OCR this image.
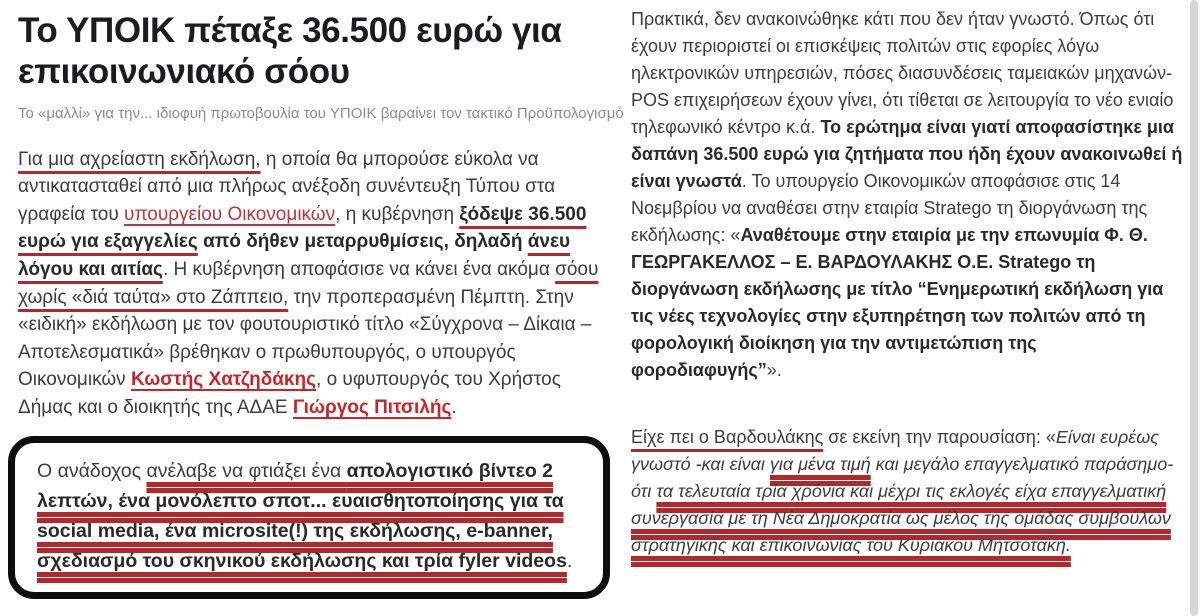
Το ΥΠΟΙΚ πέταξε 36.500 ευρώ για επικοινωνιακό σόου
Το «μαλλί» για την... ιδιοφυή πρωτοβουλία του ΥΠΟΙΚ βαραίνει τον τακτικό Προϋπολογισμό

Για μια αχρείαστη εκδήλωση, η οποία θα μπορούσε εύκολα να αντικατασταθεί από μια πλήρως ανέξοδη συνέντευξη Τύπου στα γραφεία του υπουργείου Οικονομικών, η κυβέρνηση ξόδεψε 36.500 ευρώ για εξαγγελίες από δήθεν μεταρρυθμίσεις, δηλαδή άνευ λόγου και αιτίας. Η κυβέρνηση αποφάσισε να κάνει ένα ακόμα σόου χωρίς «διά ταύτα» στο Ζάππειο, την προπερασμένη Πέμπτη. Στην «ειδική» εκδήλωση με τον φουτουριστικό τίτλο «Σύγχρονα – Δίκαια – Αποτελεσματικά» βρέθηκαν ο πρωθυπουργός, ο υπουργός Οικονομικών Κωστής Χατζηδάκης, ο υφυπουργός του Χρήστος Δήμας και ο διοικητής της ΑΔΑΕ Γιώργος Πιτσιλής.

Ο ανάδοχος ανέλαβε να φτιάξει ένα απολογιστικό βίντεο 2 λεπτών, ένα μονόλεπτο σποτ... ευαισθητοποίησης για τα social media, ένα microsite(!) της εκδήλωσης, e-banner, σχεδιασμό του σκηνικού εκδήλωσης και τρία fyler videos.

Πρακτικά, δεν ανακοινώθηκε κάτι που δεν ήταν γνωστό. Όπως ότι έχουν περιοριστεί οι επισκέψεις πολιτών στις εφορίες λόγω ηλεκτρονικών υπηρεσιών, πόσες διασυνδέσεις ταμειακών μηχανών-POS επιχειρήσεων έχουν γίνει, ότι τίθεται σε λειτουργία το νέο ενιαίο τηλεφωνικό κέντρο κ.ά. Το ερώτημα είναι γιατί αποφασίστηκε μια δαπάνη 36.500 ευρώ για ζητήματα που ήδη έχουν ανακοινωθεί ή είναι γνωστά. Το υπουργείο Οικονομικών αποφάσισε στις 14 Νοεμβρίου να αναθέσει στην εταιρία Stratego τη διοργάνωση της εκδήλωσης: «Αναθέτουμε στην εταιρία με την επωνυμία Φ. Θ. ΓΕΩΡΓΑΚΕΛΛΟΣ – Ε. ΒΑΡΔΟΥΛΑΚΗΣ Ο.Ε. Stratego τη διοργάνωση εκδήλωσης με τίτλο “Ενημερωτική εκδήλωση για τις νέες τεχνολογίες στην εξυπηρέτηση των πολιτών από τη φορολογική διοίκηση για την αντιμετώπιση της φοροδιαφυγής”».

Είχε πει ο Βαρδουλάκης σε εκείνη την παρουσίαση: «Είναι ευρέως γνωστό -και είναι για μένα τιμή και μεγάλο επαγγελματικό παράσημο- ότι τα τελευταία τρία χρόνια και μέχρι τις εκλογές είχα επαγγελματική συνεργασία με τη Νέα Δημοκρατία ως μέλος της ομάδας συμβούλων στρατηγικής και επικοινωνίας του Κυριάκου Μητσοτάκη.
